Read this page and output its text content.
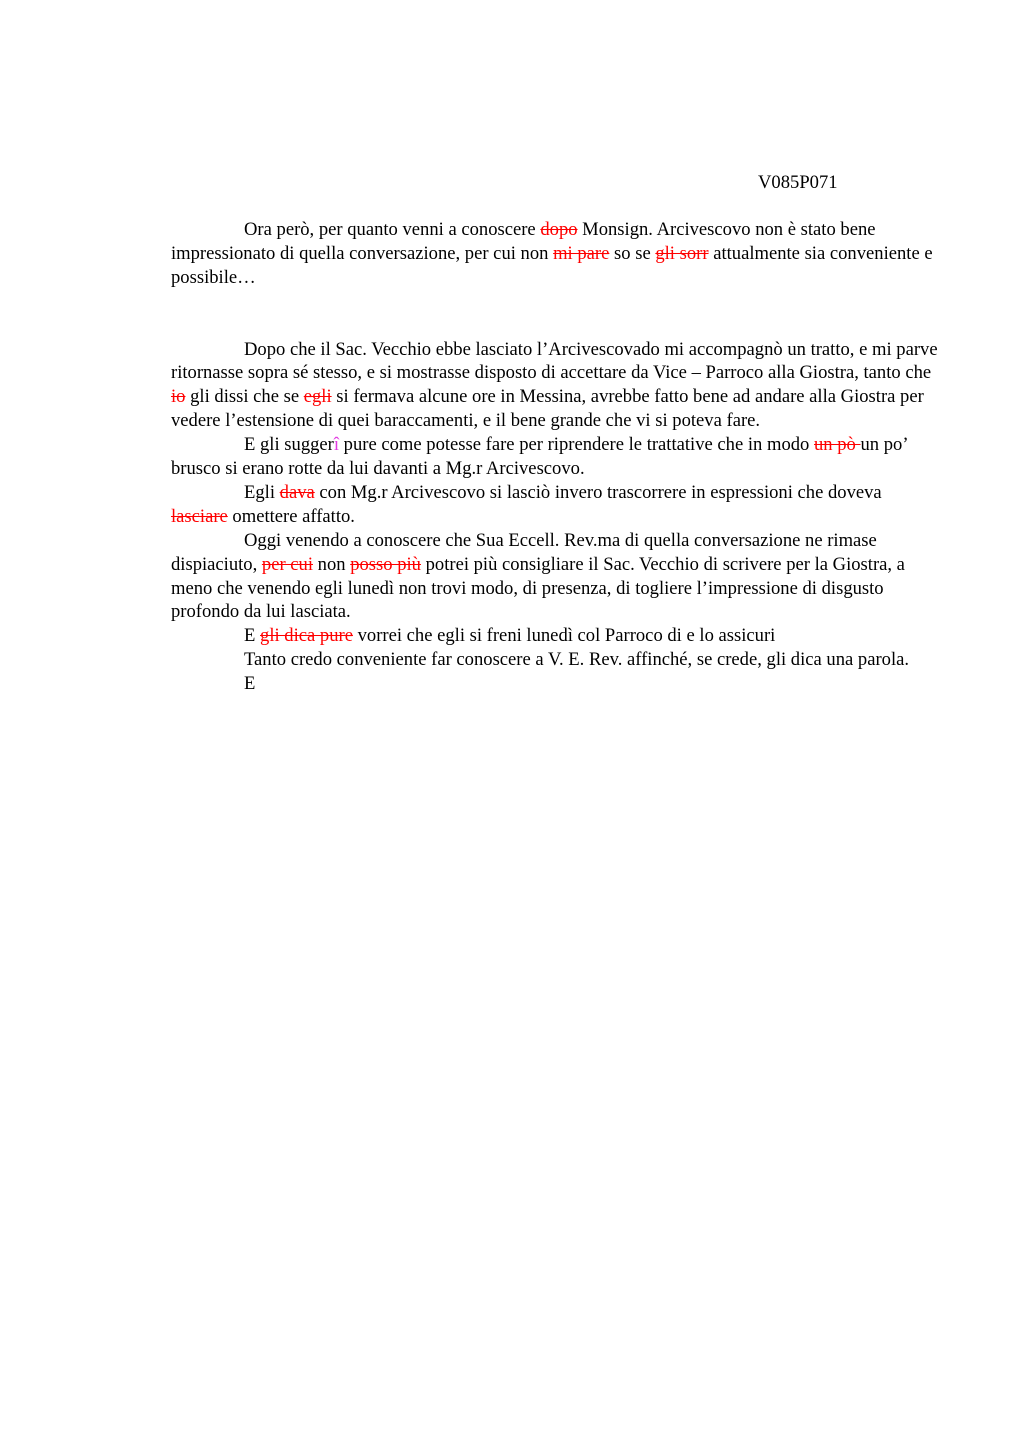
V085P071

Ora però, per quanto venni a conoscere dopo Monsign. Arcivescovo non è stato bene impressionato di quella conversazione, per cui non mi pare so se gli sorr attualmente sia conveniente e possibile…

Dopo che il Sac. Vecchio ebbe lasciato l’Arcivescovado mi accompagnò un tratto, e mi parve ritornasse sopra sé stesso, e si mostrasse disposto di accettare da Vice – Parroco alla Giostra, tanto che io gli dissi che se egli si fermava alcune ore in Messina, avrebbe fatto bene ad andare alla Giostra per vedere l’estensione di quei baraccamenti, e il bene grande che vi si poteva fare.

E gli suggerî pure come potesse fare per riprendere le trattative che in modo un pò un po’ brusco si erano rotte da lui davanti a Mg.r Arcivescovo.

Egli dava con Mg.r Arcivescovo si lasciò invero trascorrere in espressioni che doveva lasciare omettere affatto.

Oggi venendo a conoscere che Sua Eccell. Rev.ma di quella conversazione ne rimase dispiaciuto, per cui non posso più potrei più consigliare il Sac. Vecchio di scrivere per la Giostra, a meno che venendo egli lunedì non trovi modo, di presenza, di togliere l’impressione di disgusto profondo da lui lasciata.

E gli dica pure vorrei che egli si freni lunedì col Parroco di e lo assicuri

Tanto credo conveniente far conoscere a V. E. Rev. affinché, se crede, gli dica una parola.

E
